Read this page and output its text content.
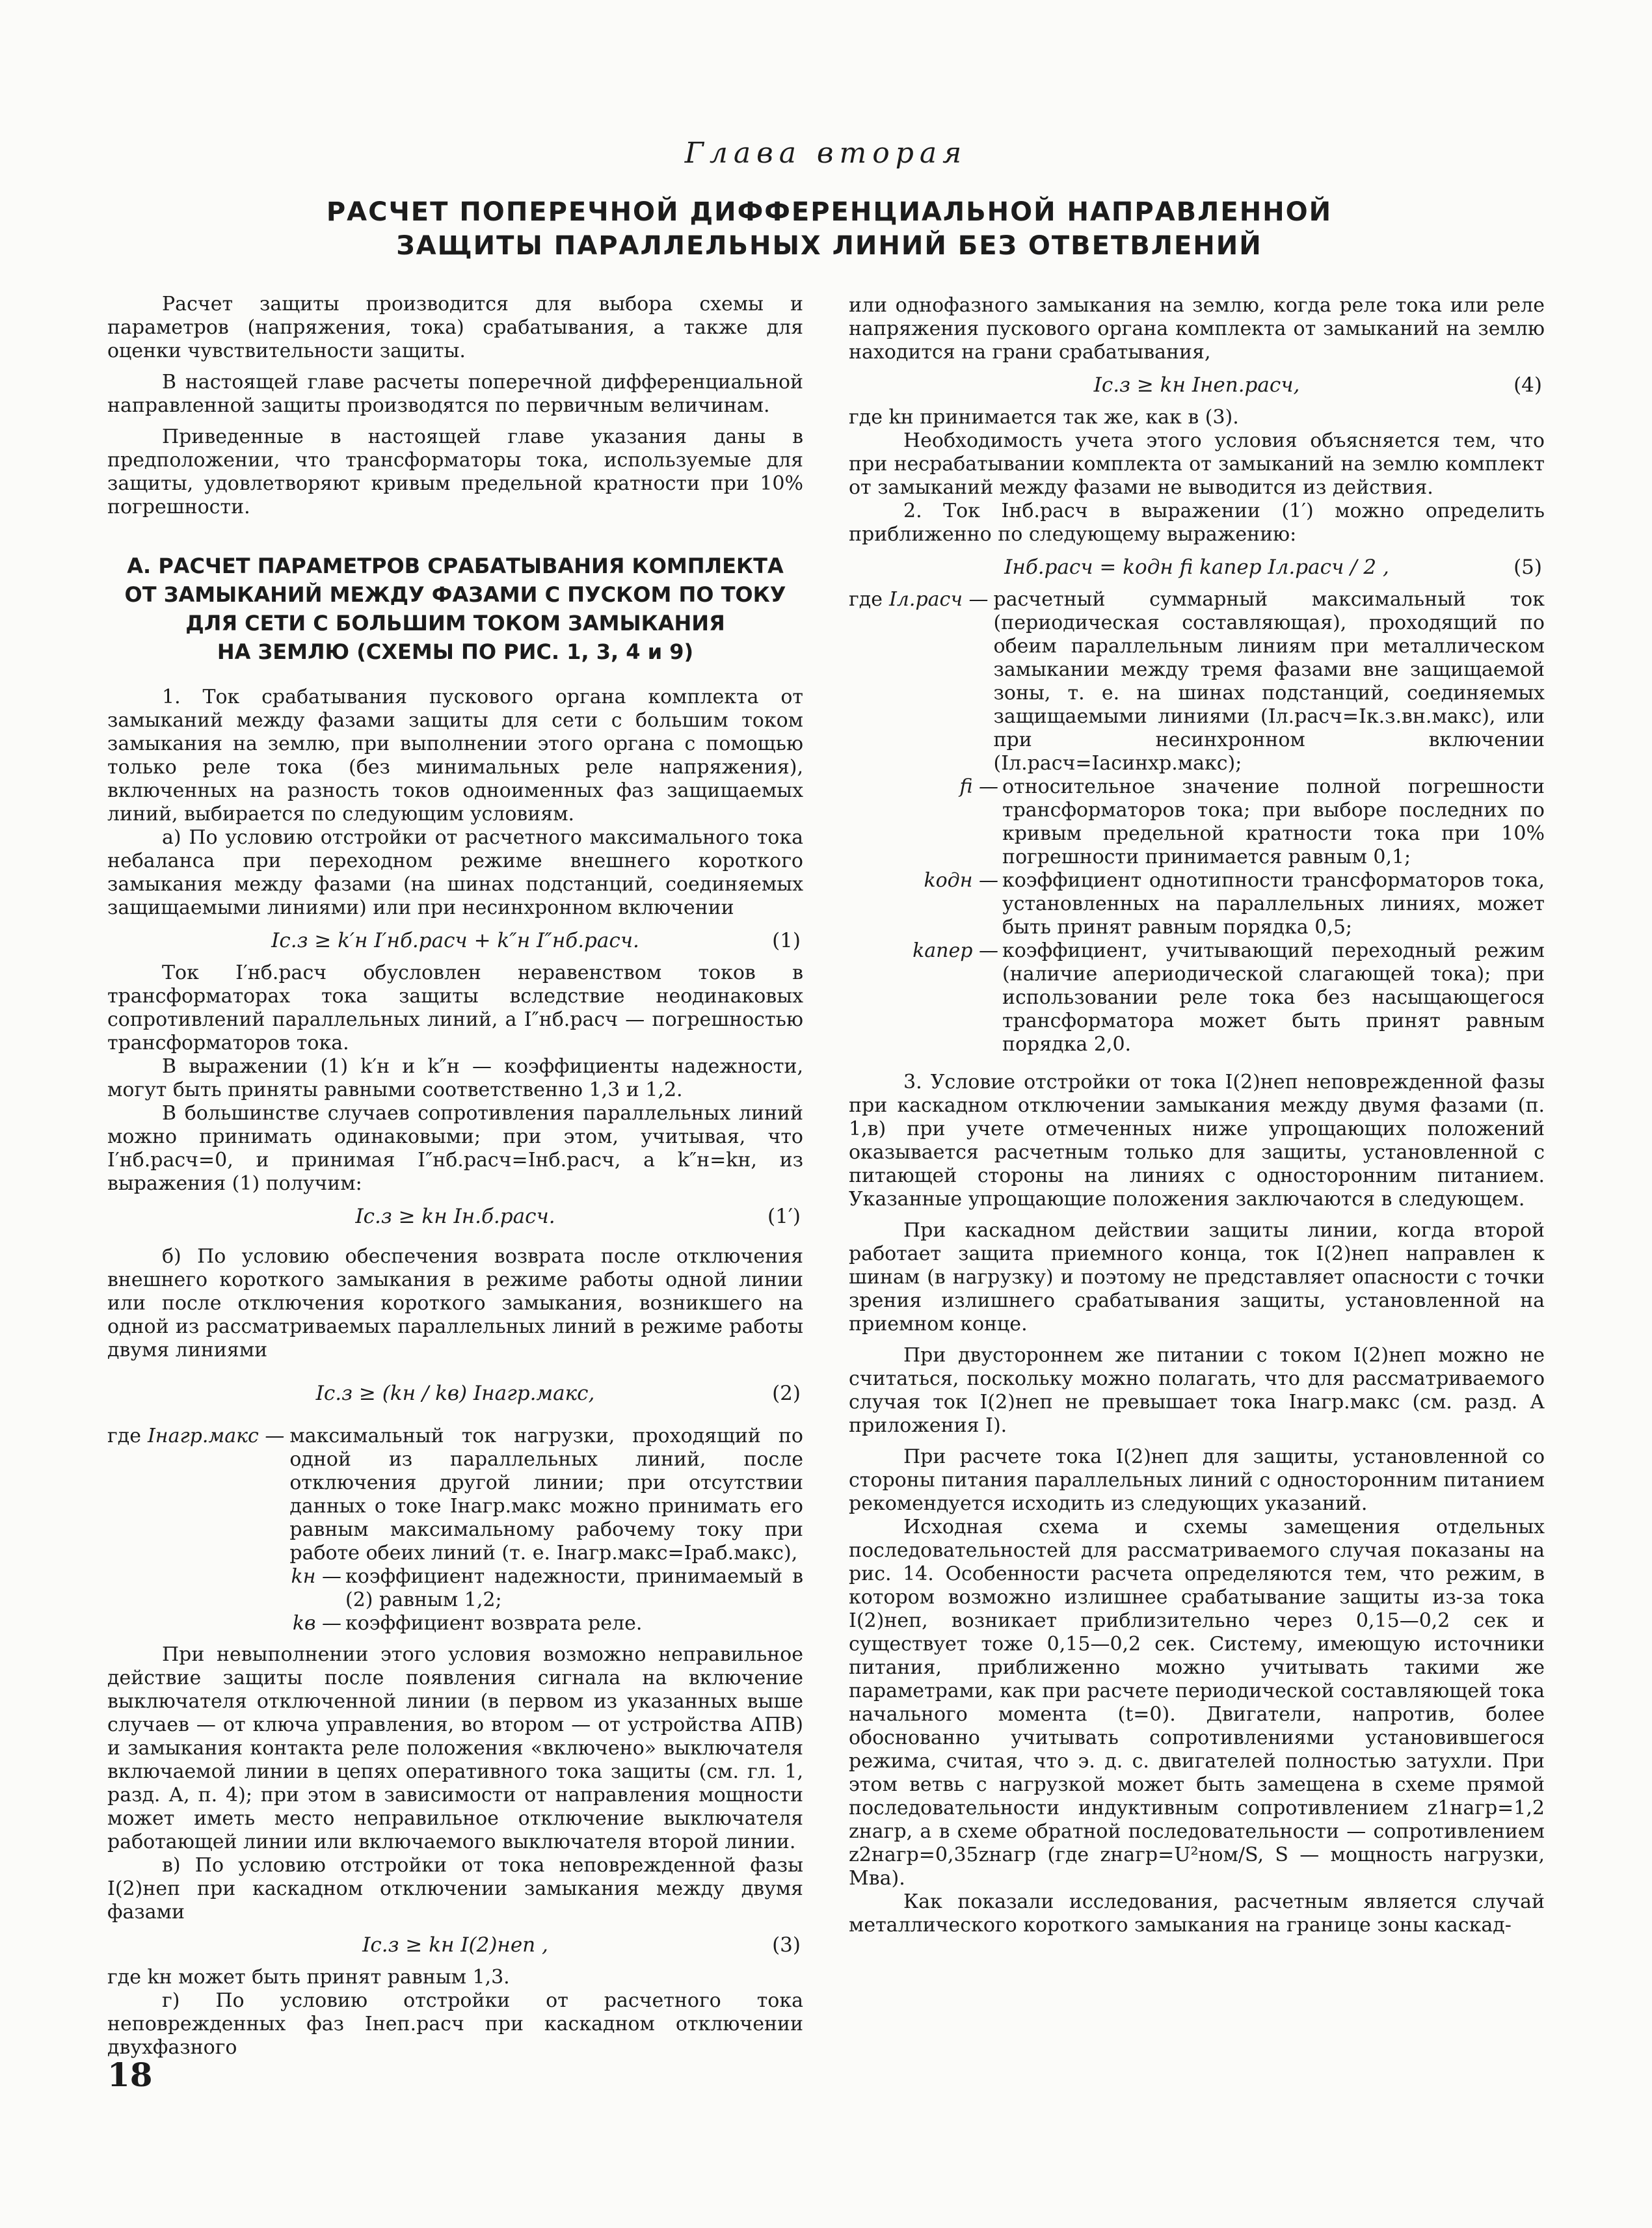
Глава вторая
РАСЧЕТ ПОПЕРЕЧНОЙ ДИФФЕРЕНЦИАЛЬНОЙ НАПРАВЛЕННОЙ
ЗАЩИТЫ ПАРАЛЛЕЛЬНЫХ ЛИНИЙ БЕЗ ОТВЕТВЛЕНИЙ

Расчет защиты производится для выбора схемы и параметров (напряжения, тока) срабатывания, а также для оценки чувствительности защиты.

В настоящей главе расчеты поперечной дифференциальной направленной защиты производятся по первичным величинам.

Приведенные в настоящей главе указания даны в предположении, что трансформаторы тока, используемые для защиты, удовлетворяют кривым предельной кратности при 10% погрешности.

А. РАСЧЕТ ПАРАМЕТРОВ СРАБАТЫВАНИЯ КОМПЛЕКТА
ОТ ЗАМЫКАНИЙ МЕЖДУ ФАЗАМИ С ПУСКОМ ПО ТОКУ
ДЛЯ СЕТИ С БОЛЬШИМ ТОКОМ ЗАМЫКАНИЯ
НА ЗЕМЛЮ (СХЕМЫ ПО РИС. 1, 3, 4 и 9)

1. Ток срабатывания пускового органа комплекта от замыканий между фазами защиты для сети с большим током замыкания на землю, при выполнении этого органа с помощью только реле тока (без минимальных реле напряжения), включенных на разность токов одноименных фаз защищаемых линий, выбирается по следующим условиям.

а) По условию отстройки от расчетного максимального тока небаланса при переходном режиме внешнего короткого замыкания между фазами (на шинах подстанций, соединяемых защищаемыми линиями) или при несинхронном включении

Iс.з ≥ k′н I′нб.расч + k″н I″нб.расч.	(1)

Ток I′нб.расч обусловлен неравенством токов в трансформаторах тока защиты вследствие неодинаковых сопротивлений параллельных линий, а I″нб.расч — погрешностью трансформаторов тока.

В выражении (1) k′н и k″н — коэффициенты надежности, могут быть приняты равными соответственно 1,3 и 1,2.

В большинстве случаев сопротивления параллельных линий можно принимать одинаковыми; при этом, учитывая, что I′нб.расч=0, и принимая I″нб.расч=Iнб.расч, а k″н=kн, из выражения (1) получим:

Iс.з ≥ kн Iн.б.расч.	(1′)

б) По условию обеспечения возврата после отключения внешнего короткого замыкания в режиме работы одной линии или после отключения короткого замыкания, возникшего на одной из рассматриваемых параллельных линий в режиме работы двумя линиями

Iс.з ≥ (kн / kв) Iнагр.макс,	(2)
где Iнагр.макс — максимальный ток нагрузки, проходящий по одной из параллельных линий, после отключения другой линии; при отсутствии данных о токе Iнагр.макс можно принимать его равным максимальному рабочему току при работе обеих линий (т. е. Iнагр.макс=Iраб.макс),
kн — коэффициент надежности, принимаемый в (2) равным 1,2;
kв — коэффициент возврата реле.

При невыполнении этого условия возможно неправильное действие защиты после появления сигнала на включение выключателя отключенной линии (в первом из указанных выше случаев — от ключа управления, во втором — от устройства АПВ) и замыкания контакта реле положения «включено» выключателя включаемой линии в цепях оперативного тока защиты (см. гл. 1, разд. А, п. 4); при этом в зависимости от направления мощности может иметь место неправильное отключение выключателя работающей линии или включаемого выключателя второй линии.

в) По условию отстройки от тока неповрежденной фазы I(2)неп при каскадном отключении замыкания между двумя фазами

Iс.з ≥ kн I(2)неп ,	(3)

где kн может быть принят равным 1,3.

г) По условию отстройки от расчетного тока неповрежденных фаз Iнеп.расч при каскадном отключении двухфазного

или однофазного замыкания на землю, когда реле тока или реле напряжения пускового органа комплекта от замыканий на землю находится на грани срабатывания,

Iс.з ≥ kн Iнеп.расч,	(4)

где kн принимается так же, как в (3).

Необходимость учета этого условия объясняется тем, что при несрабатывании комплекта от замыканий на землю комплект от замыканий между фазами не выводится из действия.

2. Ток Iнб.расч в выражении (1′) можно определить приближенно по следующему выражению:

Iнб.расч = kодн fi kапер Iл.расч / 2 ,	(5)
где Iл.расч — расчетный суммарный максимальный ток (периодическая составляющая), проходящий по обеим параллельным линиям при металлическом замыкании между тремя фазами вне защищаемой зоны, т. е. на шинах подстанций, соединяемых защищаемыми линиями (Iл.расч=Iк.з.вн.макс), или при несинхронном включении (Iл.расч=Iасинхр.макс);
fi — относительное значение полной погрешности трансформаторов тока; при выборе последних по кривым предельной кратности тока при 10% погрешности принимается равным 0,1;
kодн — коэффициент однотипности трансформаторов тока, установленных на параллельных линиях, может быть принят равным порядка 0,5;
kапер — коэффициент, учитывающий переходный режим (наличие апериодической слагающей тока); при использовании реле тока без насыщающегося трансформатора может быть принят равным порядка 2,0.

3. Условие отстройки от тока I(2)неп неповрежденной фазы при каскадном отключении замыкания между двумя фазами (п. 1,в) при учете отмеченных ниже упрощающих положений оказывается расчетным только для защиты, установленной с питающей стороны на линиях с односторонним питанием. Указанные упрощающие положения заключаются в следующем.

При каскадном действии защиты линии, когда второй работает защита приемного конца, ток I(2)неп направлен к шинам (в нагрузку) и поэтому не представляет опасности с точки зрения излишнего срабатывания защиты, установленной на приемном конце.

При двустороннем же питании с током I(2)неп можно не считаться, поскольку можно полагать, что для рассматриваемого случая ток I(2)неп не превышает тока Iнагр.макс (см. разд. А приложения I).

При расчете тока I(2)неп для защиты, установленной со стороны питания параллельных линий с односторонним питанием рекомендуется исходить из следующих указаний.

Исходная схема и схемы замещения отдельных последовательностей для рассматриваемого случая показаны на рис. 14. Особенности расчета определяются тем, что режим, в котором возможно излишнее срабатывание защиты из-за тока I(2)неп, возникает приблизительно через 0,15—0,2 сек и существует тоже 0,15—0,2 сек. Систему, имеющую источники питания, приближенно можно учитывать такими же параметрами, как при расчете периодической составляющей тока начального момента (t=0). Двигатели, напротив, более обоснованно учитывать сопротивлениями установившегося режима, считая, что э. д. с. двигателей полностью затухли. При этом ветвь с нагрузкой может быть замещена в схеме прямой последовательности индуктивным сопротивлением z1нагр=1,2 zнагр, а в схеме обратной последовательности — сопротивлением z2нагр=0,35zнагр (где zнагр=U²ном/S, S — мощность нагрузки, Мва).

Как показали исследования, расчетным является случай металлического короткого замыкания на границе зоны каскад-

18
